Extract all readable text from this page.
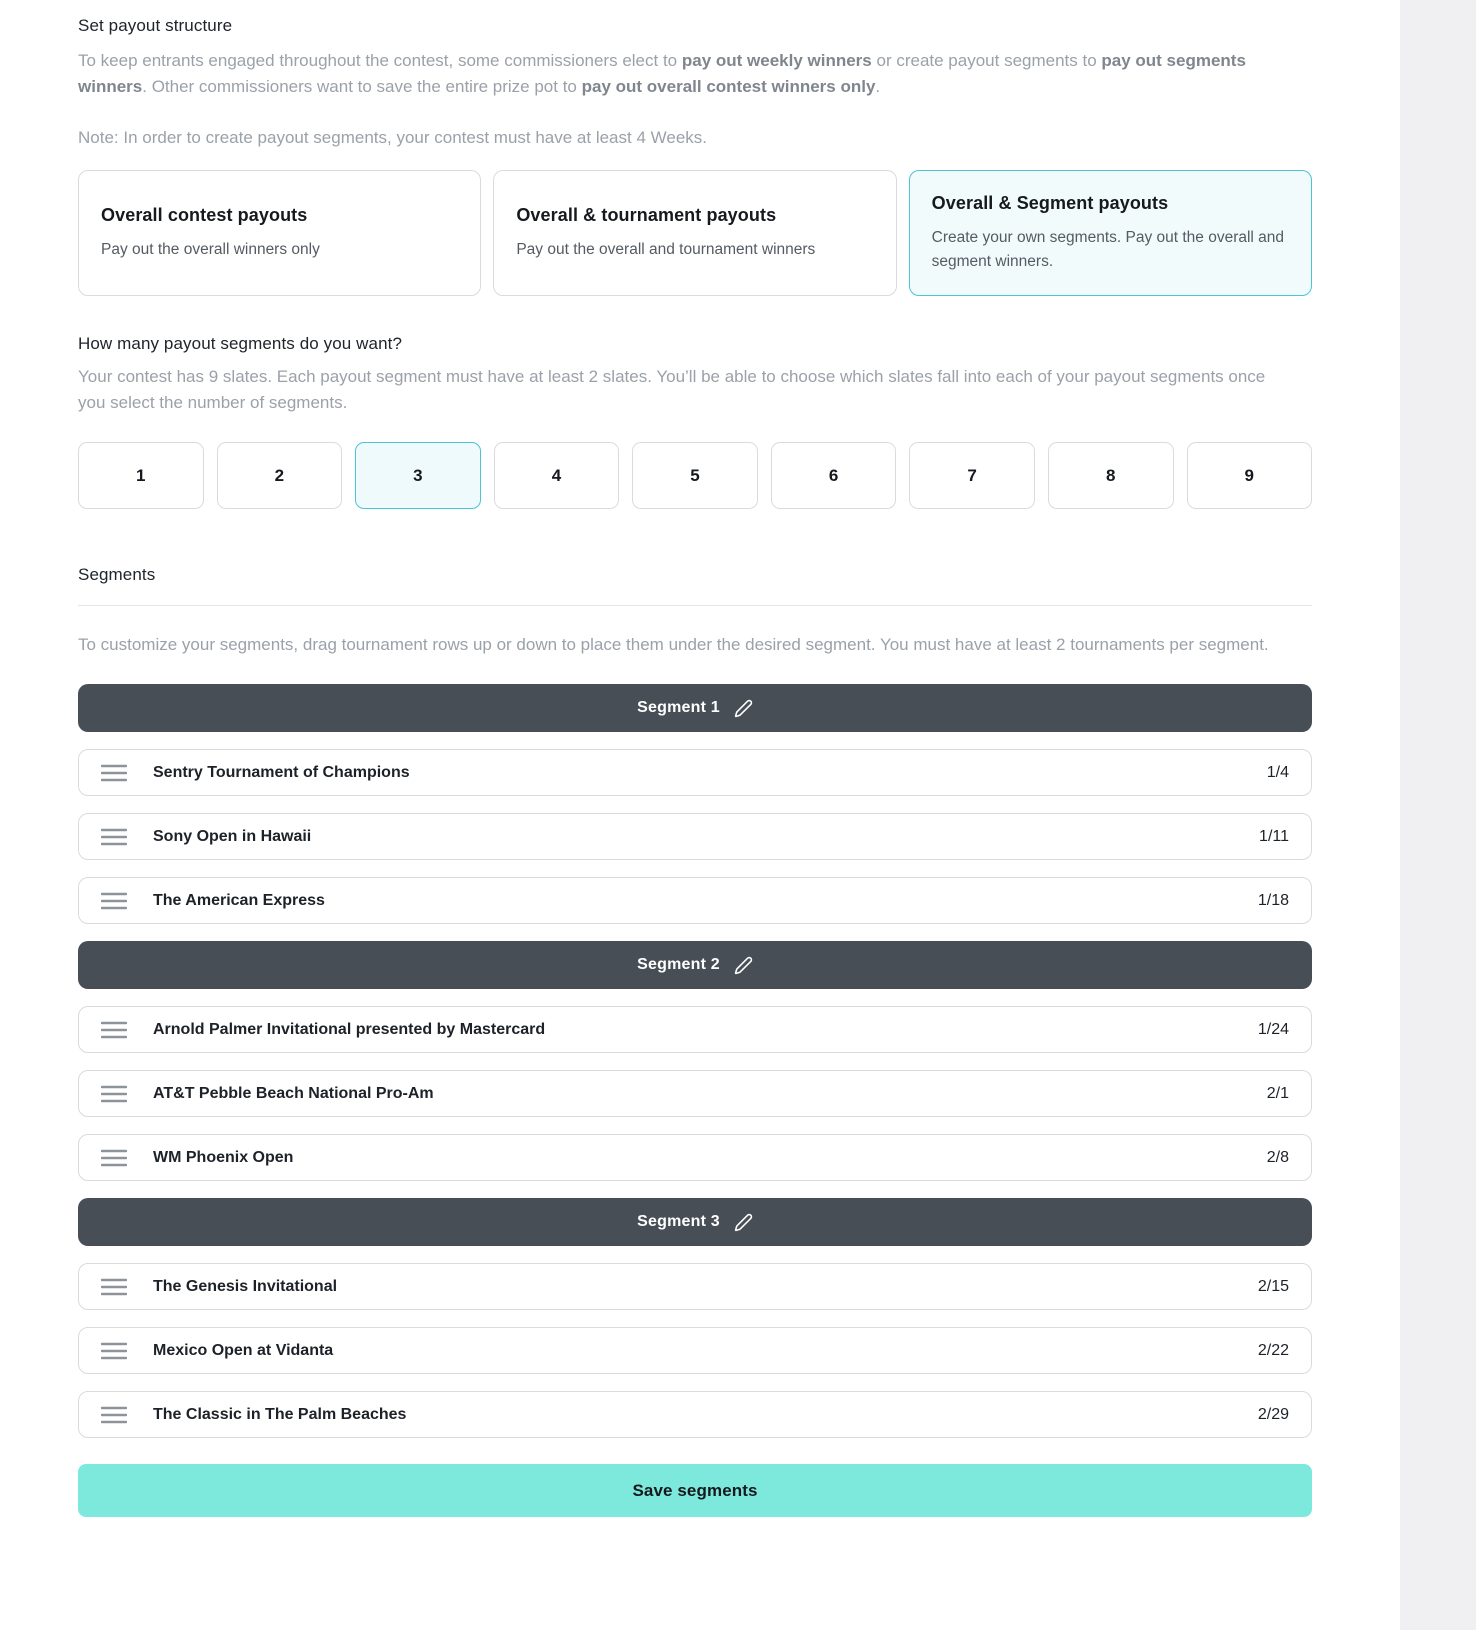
Set payout structure

To keep entrants engaged throughout the contest, some commissioners elect to pay out weekly winners or create payout segments to pay out segments winners. Other commissioners want to save the entire prize pot to pay out overall contest winners only.

Note: In order to create payout segments, your contest must have at least 4 Weeks.

Overall contest payouts
Pay out the overall winners only
Overall & tournament payouts
Pay out the overall and tournament winners
Overall & Segment payouts
Create your own segments. Pay out the overall and segment winners.
How many payout segments do you want?

Your contest has 9 slates. Each payout segment must have at least 2 slates. You’ll be able to choose which slates fall into each of your payout segments once you select the number of segments.

1	2	3	4	5	6	7	8	9
Segments

To customize your segments, drag tournament rows up or down to place them under the desired segment. You must have at least 2 tournaments per segment.

Segment 1
Sentry Tournament of Champions	1/4
Sony Open in Hawaii	1/11
The American Express	1/18
Segment 2
Arnold Palmer Invitational presented by Mastercard	1/24
AT&T Pebble Beach National Pro-Am	2/1
WM Phoenix Open	2/8
Segment 3
The Genesis Invitational	2/15
Mexico Open at Vidanta	2/22
The Classic in The Palm Beaches	2/29
Save segments
